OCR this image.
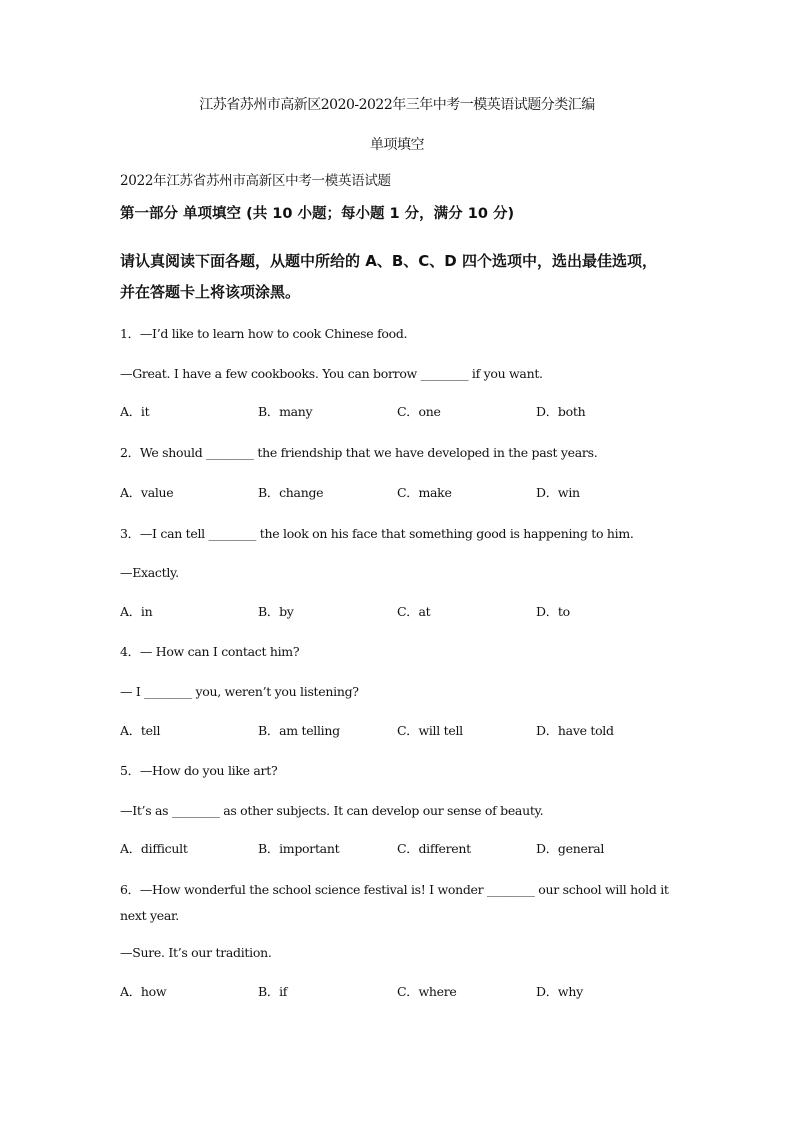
江苏省苏州市高新区2020-2022年三年中考一模英语试题分类汇编
单项填空
2022年江苏省苏州市高新区中考一模英语试题
第一部分 单项填空 (共 10 小题；每小题 1 分，满分 10 分)
请认真阅读下面各题，从题中所给的 A、B、C、D 四个选项中，选出最佳选项，
并在答题卡上将该项涂黑。
1．—I’d like to learn how to cook Chinese food.
—Great. I have a few cookbooks. You can borrow ________ if you want.
A．it	B．many	C．one	D．both
2．We should ________ the friendship that we have developed in the past years.
A．value	B．change	C．make	D．win
3．—I can tell ________ the look on his face that something good is happening to him.
—Exactly.
A．in	B．by	C．at	D．to
4．— How can I contact him?
— I ________ you, weren’t you listening?
A．tell	B．am telling	C．will tell	D．have told
5．—How do you like art?
—It’s as ________ as other subjects. It can develop our sense of beauty.
A．difficult	B．important	C．different	D．general
6．—How wonderful the school science festival is! I wonder ________ our school will hold it
next year.
—Sure. It’s our tradition.
A．how	B．if	C．where	D．why
